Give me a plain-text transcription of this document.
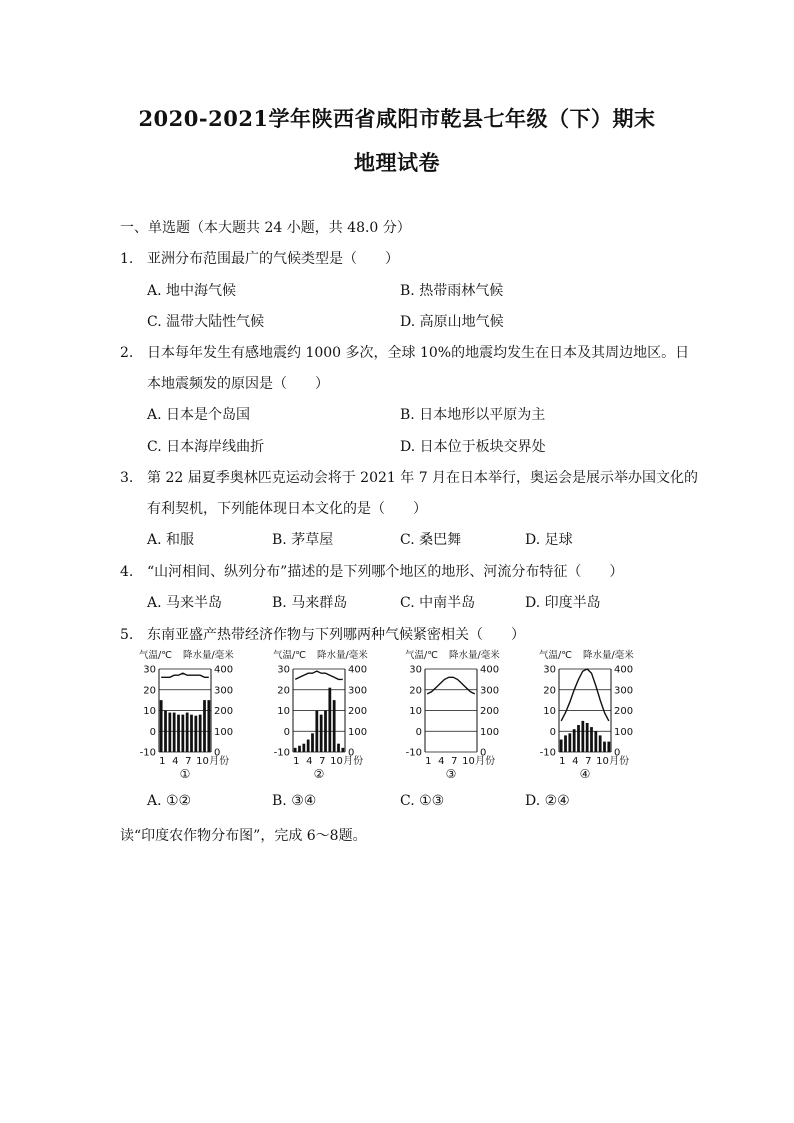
2020-2021学年陕西省咸阳市乾县七年级（下）期末
地理试卷
一、单选题（本大题共 24 小题，共 48.0 分）
1. 亚洲分布范围最广的气候类型是（　　）
A. 地中海气候	B. 热带雨林气候
C. 温带大陆性气候	D. 高原山地气候
2. 日本每年发生有感地震约 1000 多次，全球 10%的地震均发生在日本及其周边地区。日
本地震频发的原因是（　　）
A. 日本是个岛国	B. 日本地形以平原为主
C. 日本海岸线曲折	D. 日本位于板块交界处
3. 第 22 届夏季奥林匹克运动会将于 2021 年 7 月在日本举行，奥运会是展示举办国文化的
有利契机，下列能体现日本文化的是（　　）
A. 和服	B. 茅草屋	C. 桑巴舞	D. 足球
4. “山河相间、纵列分布”描述的是下列哪个地区的地形、河流分布特征（　　）
A. 马来半岛	B. 马来群岛	C. 中南半岛	D. 印度半岛
5. 东南亚盛产热带经济作物与下列哪两种气候紧密相关（　　）
气温/℃ 降水量/毫米
30	400
20	300
10	200
0	100
-10	0
1 4 7 10 月份
①
气温/℃ 降水量/毫米
30	400
20	300
10	200
0	100
-10	0
1 4 7 10 月份
②
气温/℃ 降水量/毫米
30	400
20	300
10	200
0	100
-10	0
1 4 7 10 月份
③
气温/℃ 降水量/毫米
30	400
20	300
10	200
0	100
-10	0
1 4 7 10 月份
④
A. ①②	B. ③④	C. ①③	D. ②④
读“印度农作物分布图”，完成 6～8题。
